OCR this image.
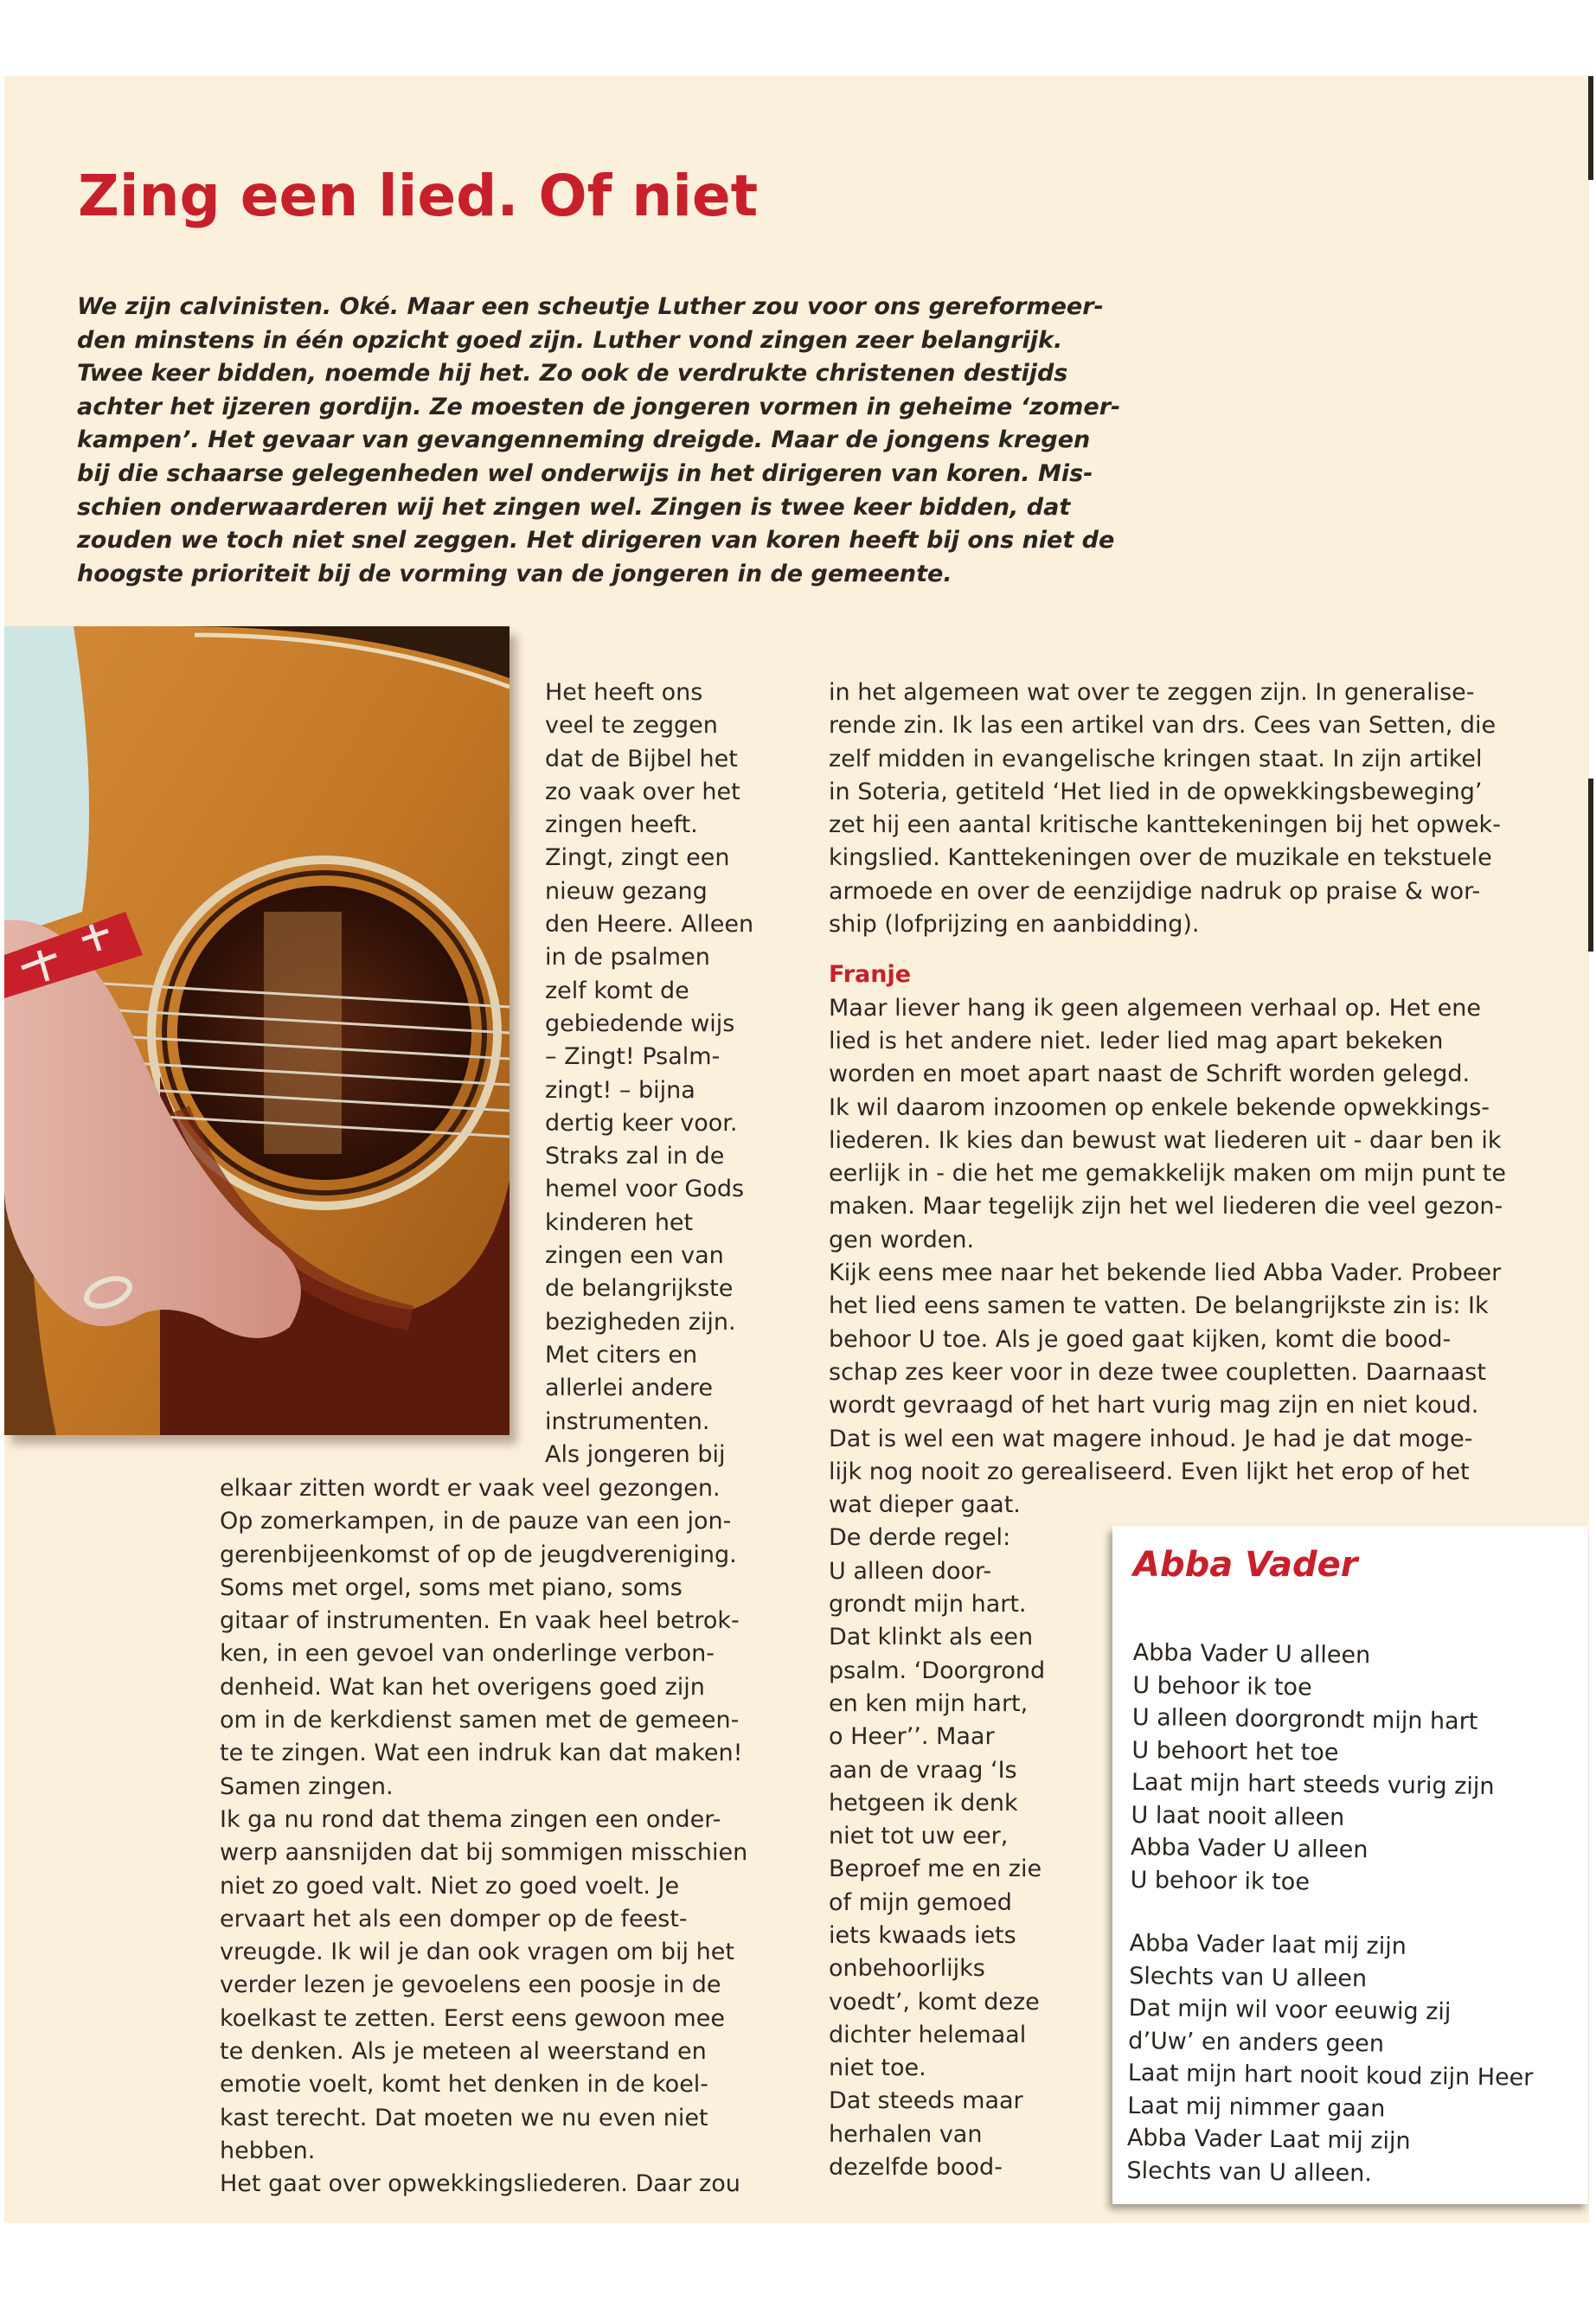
Zing een lied. Of niet
We zijn calvinisten. Oké. Maar een scheutje Luther zou voor ons gereformeer-
den minstens in één opzicht goed zijn. Luther vond zingen zeer belangrijk.
Twee keer bidden, noemde hij het. Zo ook de verdrukte christenen destijds
achter het ijzeren gordijn. Ze moesten de jongeren vormen in geheime ‘zomer-
kampen’. Het gevaar van gevangenneming dreigde. Maar de jongens kregen
bij die schaarse gelegenheden wel onderwijs in het dirigeren van koren. Mis-
schien onderwaarderen wij het zingen wel. Zingen is twee keer bidden, dat
zouden we toch niet snel zeggen. Het dirigeren van koren heeft bij ons niet de
hoogste prioriteit bij de vorming van de jongeren in de gemeente.
Het heeft ons
veel te zeggen
dat de Bijbel het
zo vaak over het
zingen heeft.
Zingt, zingt een
nieuw gezang
den Heere. Alleen
in de psalmen
zelf komt de
gebiedende wijs
– Zingt! Psalm-
zingt! – bijna
dertig keer voor.
Straks zal in de
hemel voor Gods
kinderen het
zingen een van
de belangrijkste
bezigheden zijn.
Met citers en
allerlei andere
instrumenten.
Als jongeren bij
elkaar zitten wordt er vaak veel gezongen.
Op zomerkampen, in de pauze van een jon-
gerenbijeenkomst of op de jeugdvereniging.
Soms met orgel, soms met piano, soms
gitaar of instrumenten. En vaak heel betrok-
ken, in een gevoel van onderlinge verbon-
denheid. Wat kan het overigens goed zijn
om in de kerkdienst samen met de gemeen-
te te zingen. Wat een indruk kan dat maken!
Samen zingen.
Ik ga nu rond dat thema zingen een onder-
werp aansnijden dat bij sommigen misschien
niet zo goed valt. Niet zo goed voelt. Je
ervaart het als een domper op de feest-
vreugde. Ik wil je dan ook vragen om bij het
verder lezen je gevoelens een poosje in de
koelkast te zetten. Eerst eens gewoon mee
te denken. Als je meteen al weerstand en
emotie voelt, komt het denken in de koel-
kast terecht. Dat moeten we nu even niet
hebben.
Het gaat over opwekkingsliederen. Daar zou
in het algemeen wat over te zeggen zijn. In generalise-
rende zin. Ik las een artikel van drs. Cees van Setten, die
zelf midden in evangelische kringen staat. In zijn artikel
in Soteria, getiteld ‘Het lied in de opwekkingsbeweging’
zet hij een aantal kritische kanttekeningen bij het opwek-
kingslied. Kanttekeningen over de muzikale en tekstuele
armoede en over de eenzijdige nadruk op praise & wor-
ship (lofprijzing en aanbidding).
Franje
Maar liever hang ik geen algemeen verhaal op. Het ene
lied is het andere niet. Ieder lied mag apart bekeken
worden en moet apart naast de Schrift worden gelegd.
Ik wil daarom inzoomen op enkele bekende opwekkings-
liederen. Ik kies dan bewust wat liederen uit - daar ben ik
eerlijk in - die het me gemakkelijk maken om mijn punt te
maken. Maar tegelijk zijn het wel liederen die veel gezon-
gen worden.
Kijk eens mee naar het bekende lied Abba Vader. Probeer
het lied eens samen te vatten. De belangrijkste zin is: Ik
behoor U toe. Als je goed gaat kijken, komt die bood-
schap zes keer voor in deze twee coupletten. Daarnaast
wordt gevraagd of het hart vurig mag zijn en niet koud.
Dat is wel een wat magere inhoud. Je had je dat moge-
lijk nog nooit zo gerealiseerd. Even lijkt het erop of het
wat dieper gaat.
De derde regel:
U alleen door-
grondt mijn hart.
Dat klinkt als een
psalm. ‘Doorgrond
en ken mijn hart,
o Heer’’. Maar
aan de vraag ‘Is
hetgeen ik denk
niet tot uw eer,
Beproef me en zie
of mijn gemoed
iets kwaads iets
onbehoorlijks
voedt’, komt deze
dichter helemaal
niet toe.
Dat steeds maar
herhalen van
dezelfde bood-
Abba Vader
Abba Vader U alleen
U behoor ik toe
U alleen doorgrondt mijn hart
U behoort het toe
Laat mijn hart steeds vurig zijn
U laat nooit alleen
Abba Vader U alleen
U behoor ik toe
Abba Vader laat mij zijn
Slechts van U alleen
Dat mijn wil voor eeuwig zij
d’Uw’ en anders geen
Laat mijn hart nooit koud zijn Heer
Laat mij nimmer gaan
Abba Vader Laat mij zijn
Slechts van U alleen.
